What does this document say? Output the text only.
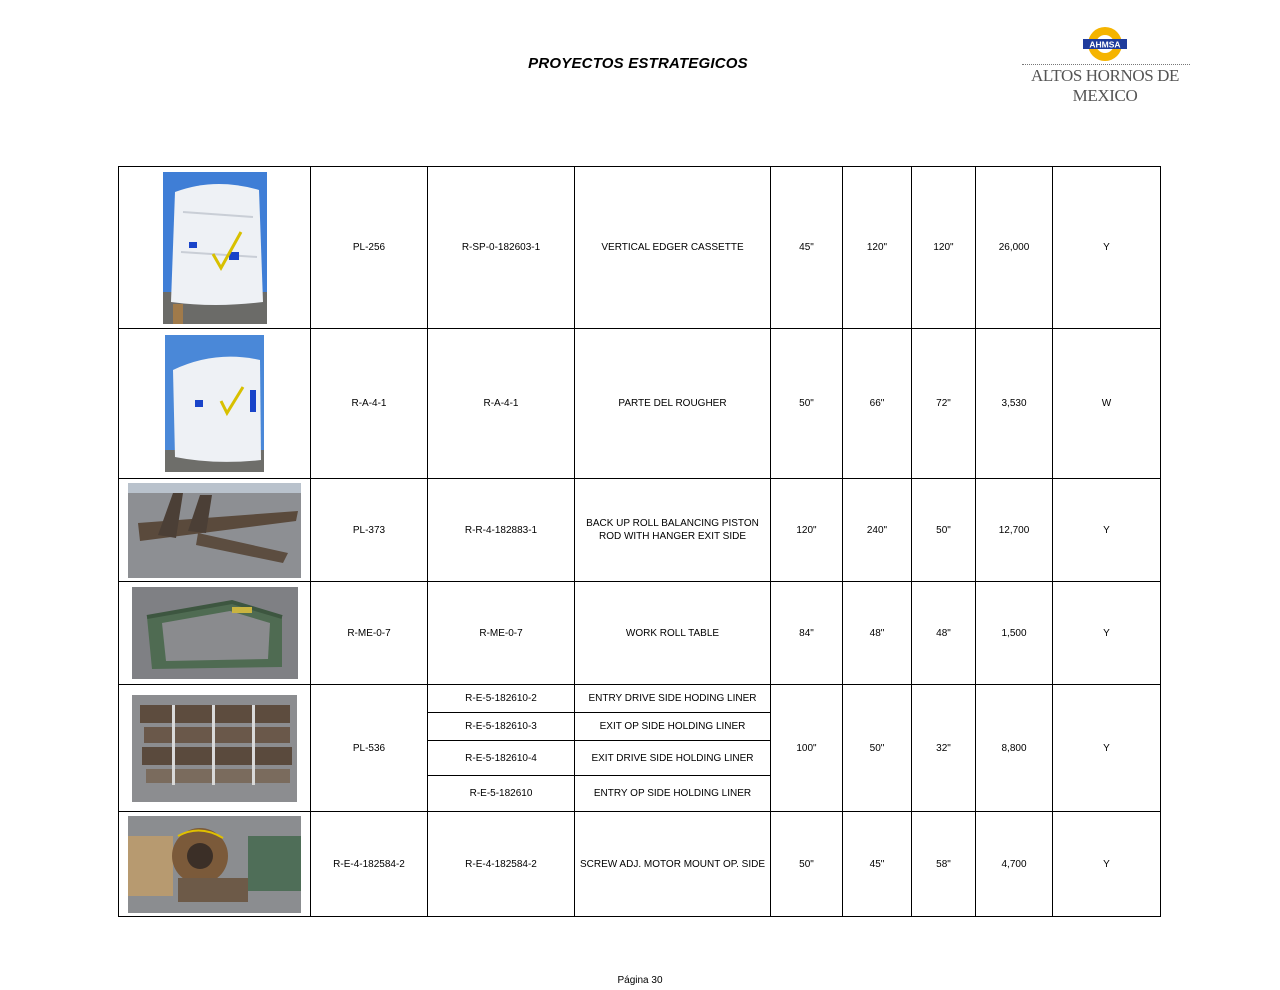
PROYECTOS ESTRATEGICOS
AHMSA
ALTOS HORNOS DE MEXICO
	PL-256	R-SP-0-182603-1	VERTICAL EDGER CASSETTE	45"	120"	120"	26,000	Y

	R-A-4-1	R-A-4-1	PARTE DEL ROUGHER	50"	66"	72"	3,530	W

	PL-373	R-R-4-182883-1	BACK UP ROLL BALANCING PISTON ROD WITH HANGER EXIT SIDE	120"	240"	50"	12,700	Y

	R-ME-0-7	R-ME-0-7	WORK ROLL TABLE	84"	48"	48"	1,500	Y

	PL-536	R-E-5-182610-2	ENTRY DRIVE SIDE HODING LINER	100"	50"	32"	8,800	Y
		R-E-5-182610-3	EXIT OP SIDE HOLDING LINER					
		R-E-5-182610-4	EXIT DRIVE SIDE HOLDING LINER					
		R-E-5-182610	ENTRY OP SIDE HOLDING LINER					

	R-E-4-182584-2	R-E-4-182584-2	SCREW ADJ. MOTOR MOUNT OP. SIDE	50"	45"	58"	4,700	Y
Página 30
